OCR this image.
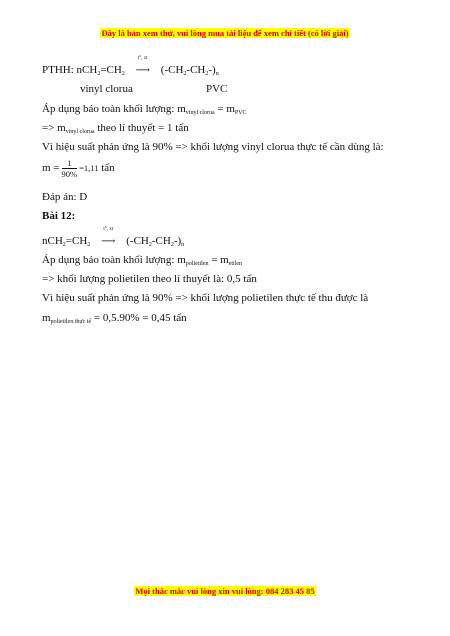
Đây là bản xem thử, vui lòng mua tài liệu để xem chi tiết (có lời giải)
PTHH: $nCH_2=CH_2$
t°, xt
⟶ $(-CH_2-CH_2-)_n$
vinyl clorua	PVC
Áp dụng bảo toàn khối lượng: $m_{vinyl clorua} = m_{PVC}$
=> $m_{vinyl clorua}$ theo lí thuyết = 1 tấn
Vì hiệu suất phản ứng là 90% => khối lượng vinyl clorua thực tế cần dùng là:
$m = \frac{1}{90\%} =1,11$ tấn
Đáp án: D
Bài 12:
$nCH_2=CH_2$
t°, xt
⟶ $(-CH_2-CH_2-)_n$
Áp dụng bảo toàn khối lượng: $m_{polietilen} = m_{etilen}$
=> khối lượng polietilen theo lí thuyết là: 0,5 tấn
Vì hiệu suất phản ứng là 90% => khối lượng polietilen thực tế thu được là
$m_{polietilen thực tế} = 0,5.90\% = 0,45$ tấn
Mọi thắc mắc vui lòng xin vui lòng: 084 283 45 85
